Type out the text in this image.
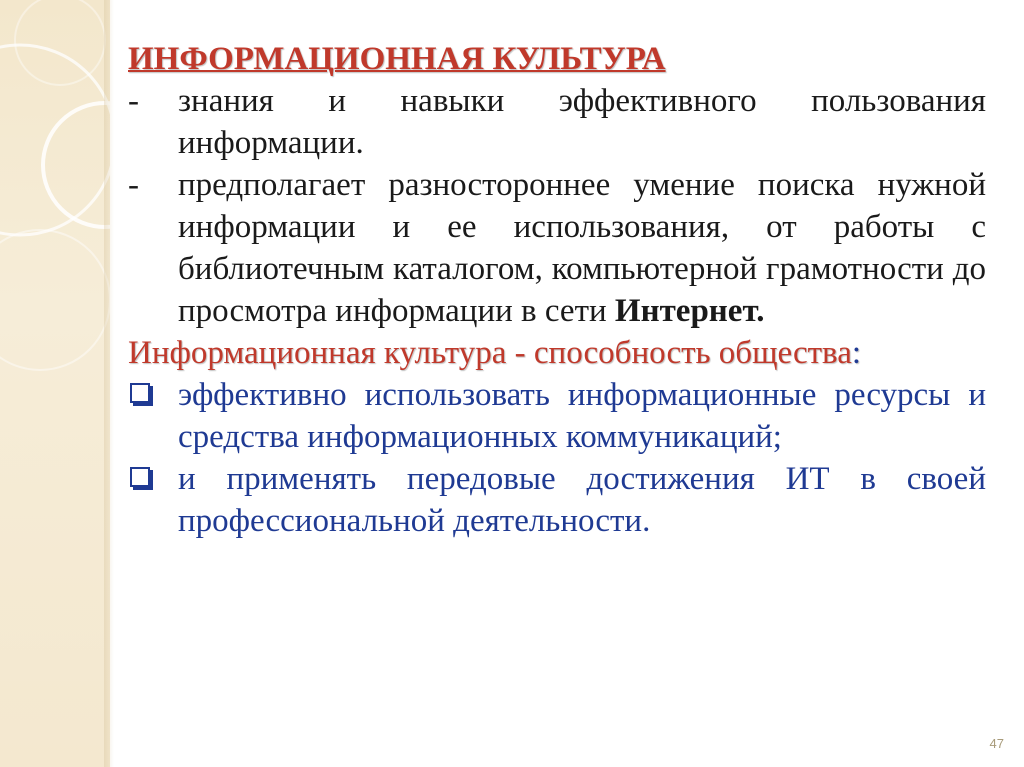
ИНФОРМАЦИОННАЯ КУЛЬТУРА
-	знания и навыки эффективного пользования информации.
-	предполагает разностороннее умение поиска нужной информации и ее использования, от работы с библиотечным каталогом, компьютерной грамотности до просмотра информации в сети Интернет.
Информационная культура - способность общества:
эффективно использовать информационные ресурсы и средства информационных коммуникаций;
и применять передовые достижения ИТ в своей профессиональной деятельности.
47
